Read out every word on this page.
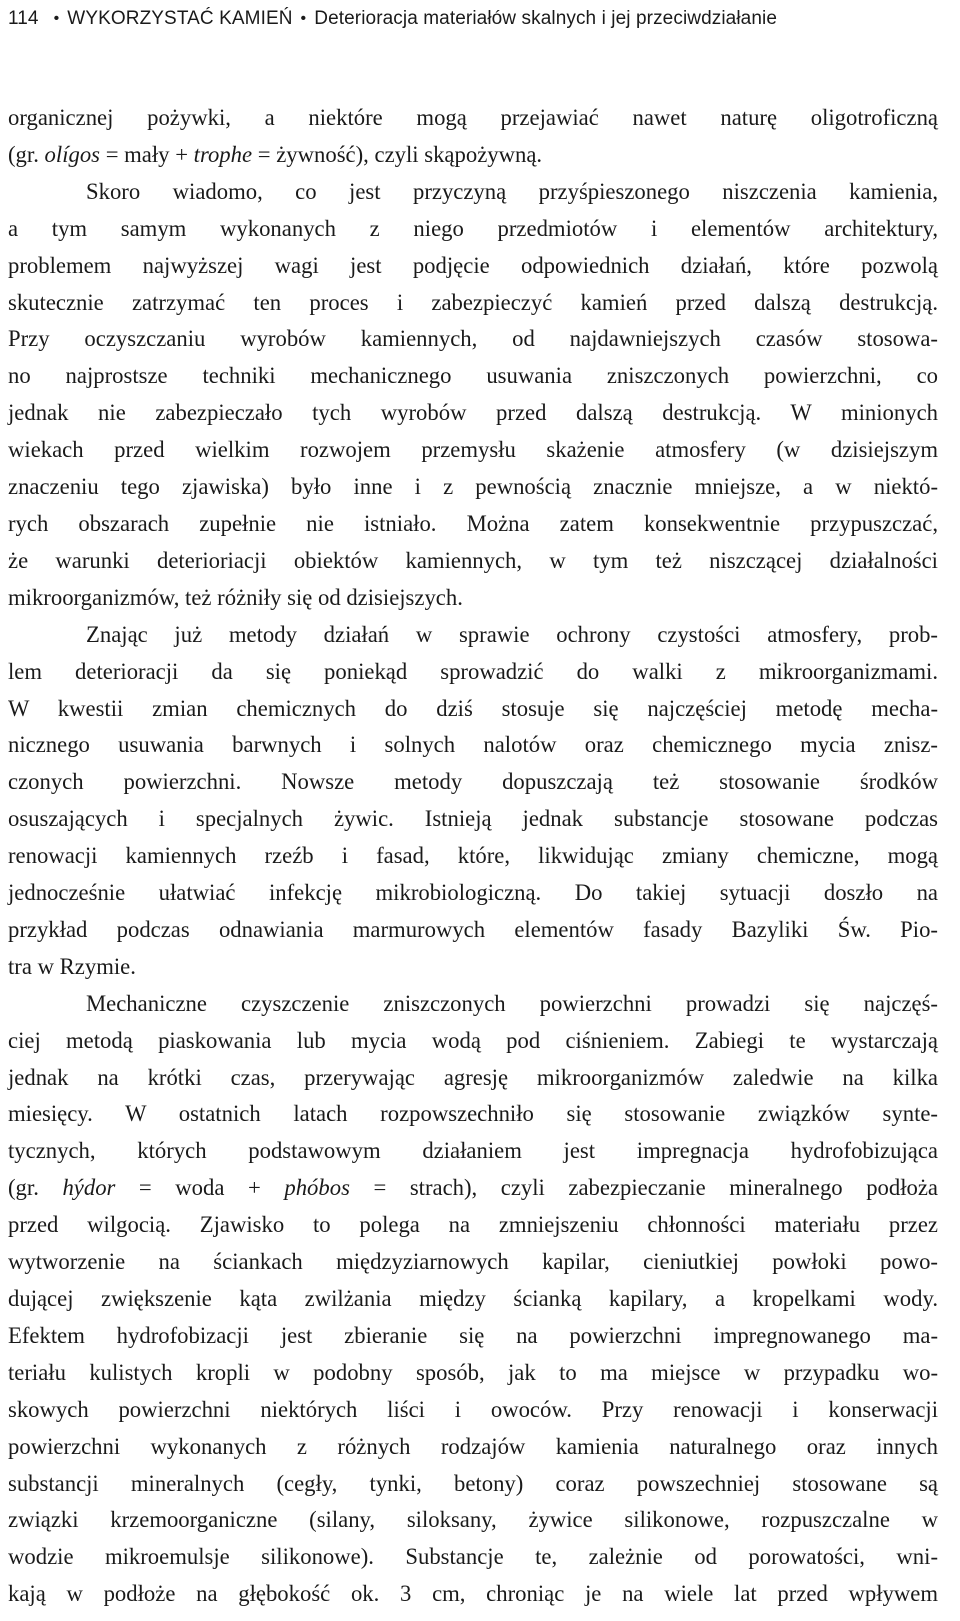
114 • WYKORZYSTAĆ KAMIEŃ • Deterioracja materiałów skalnych i jej przeciwdziałanie
organicznej pożywki, a niektóre mogą przejawiać nawet naturę oligotroficzną
(gr. olígos = mały + trophe = żywność), czyli skąpożywną.
Skoro wiadomo, co jest przyczyną przyśpieszonego niszczenia kamienia,
a tym samym wykonanych z niego przedmiotów i elementów architektury,
problemem najwyższej wagi jest podjęcie odpowiednich działań, które pozwolą
skutecznie zatrzymać ten proces i zabezpieczyć kamień przed dalszą destrukcją.
Przy oczyszczaniu wyrobów kamiennych, od najdawniejszych czasów stosowa-
no najprostsze techniki mechanicznego usuwania zniszczonych powierzchni, co
jednak nie zabezpieczało tych wyrobów przed dalszą destrukcją. W minionych
wiekach przed wielkim rozwojem przemysłu skażenie atmosfery (w dzisiejszym
znaczeniu tego zjawiska) było inne i z pewnością znacznie mniejsze, a w niektó-
rych obszarach zupełnie nie istniało. Można zatem konsekwentnie przypuszczać,
że warunki deterioriacji obiektów kamiennych, w tym też niszczącej działalności
mikroorganizmów, też różniły się od dzisiejszych.
Znając już metody działań w sprawie ochrony czystości atmosfery, prob-
lem deterioracji da się poniekąd sprowadzić do walki z mikroorganizmami.
W kwestii zmian chemicznych do dziś stosuje się najczęściej metodę mecha-
nicznego usuwania barwnych i solnych nalotów oraz chemicznego mycia znisz-
czonych powierzchni. Nowsze metody dopuszczają też stosowanie środków
osuszających i specjalnych żywic. Istnieją jednak substancje stosowane podczas
renowacji kamiennych rzeźb i fasad, które, likwidując zmiany chemiczne, mogą
jednocześnie ułatwiać infekcję mikrobiologiczną. Do takiej sytuacji doszło na
przykład podczas odnawiania marmurowych elementów fasady Bazyliki Św. Pio-
tra w Rzymie.
Mechaniczne czyszczenie zniszczonych powierzchni prowadzi się najczęś-
ciej metodą piaskowania lub mycia wodą pod ciśnieniem. Zabiegi te wystarczają
jednak na krótki czas, przerywając agresję mikroorganizmów zaledwie na kilka
miesięcy. W ostatnich latach rozpowszechniło się stosowanie związków synte-
tycznych, których podstawowym działaniem jest impregnacja hydrofobizująca
(gr. hýdor = woda + phóbos = strach), czyli zabezpieczanie mineralnego podłoża
przed wilgocią. Zjawisko to polega na zmniejszeniu chłonności materiału przez
wytworzenie na ściankach międzyziarnowych kapilar, cieniutkiej powłoki powo-
dującej zwiększenie kąta zwilżania między ścianką kapilary, a kropelkami wody.
Efektem hydrofobizacji jest zbieranie się na powierzchni impregnowanego ma-
teriału kulistych kropli w podobny sposób, jak to ma miejsce w przypadku wo-
skowych powierzchni niektórych liści i owoców. Przy renowacji i konserwacji
powierzchni wykonanych z różnych rodzajów kamienia naturalnego oraz innych
substancji mineralnych (cegły, tynki, betony) coraz powszechniej stosowane są
związki krzemoorganiczne (silany, siloksany, żywice silikonowe, rozpuszczalne w
wodzie mikroemulsje silikonowe). Substancje te, zależnie od porowatości, wni-
kają w podłoże na głębokość ok. 3 cm, chroniąc je na wiele lat przed wpływem
